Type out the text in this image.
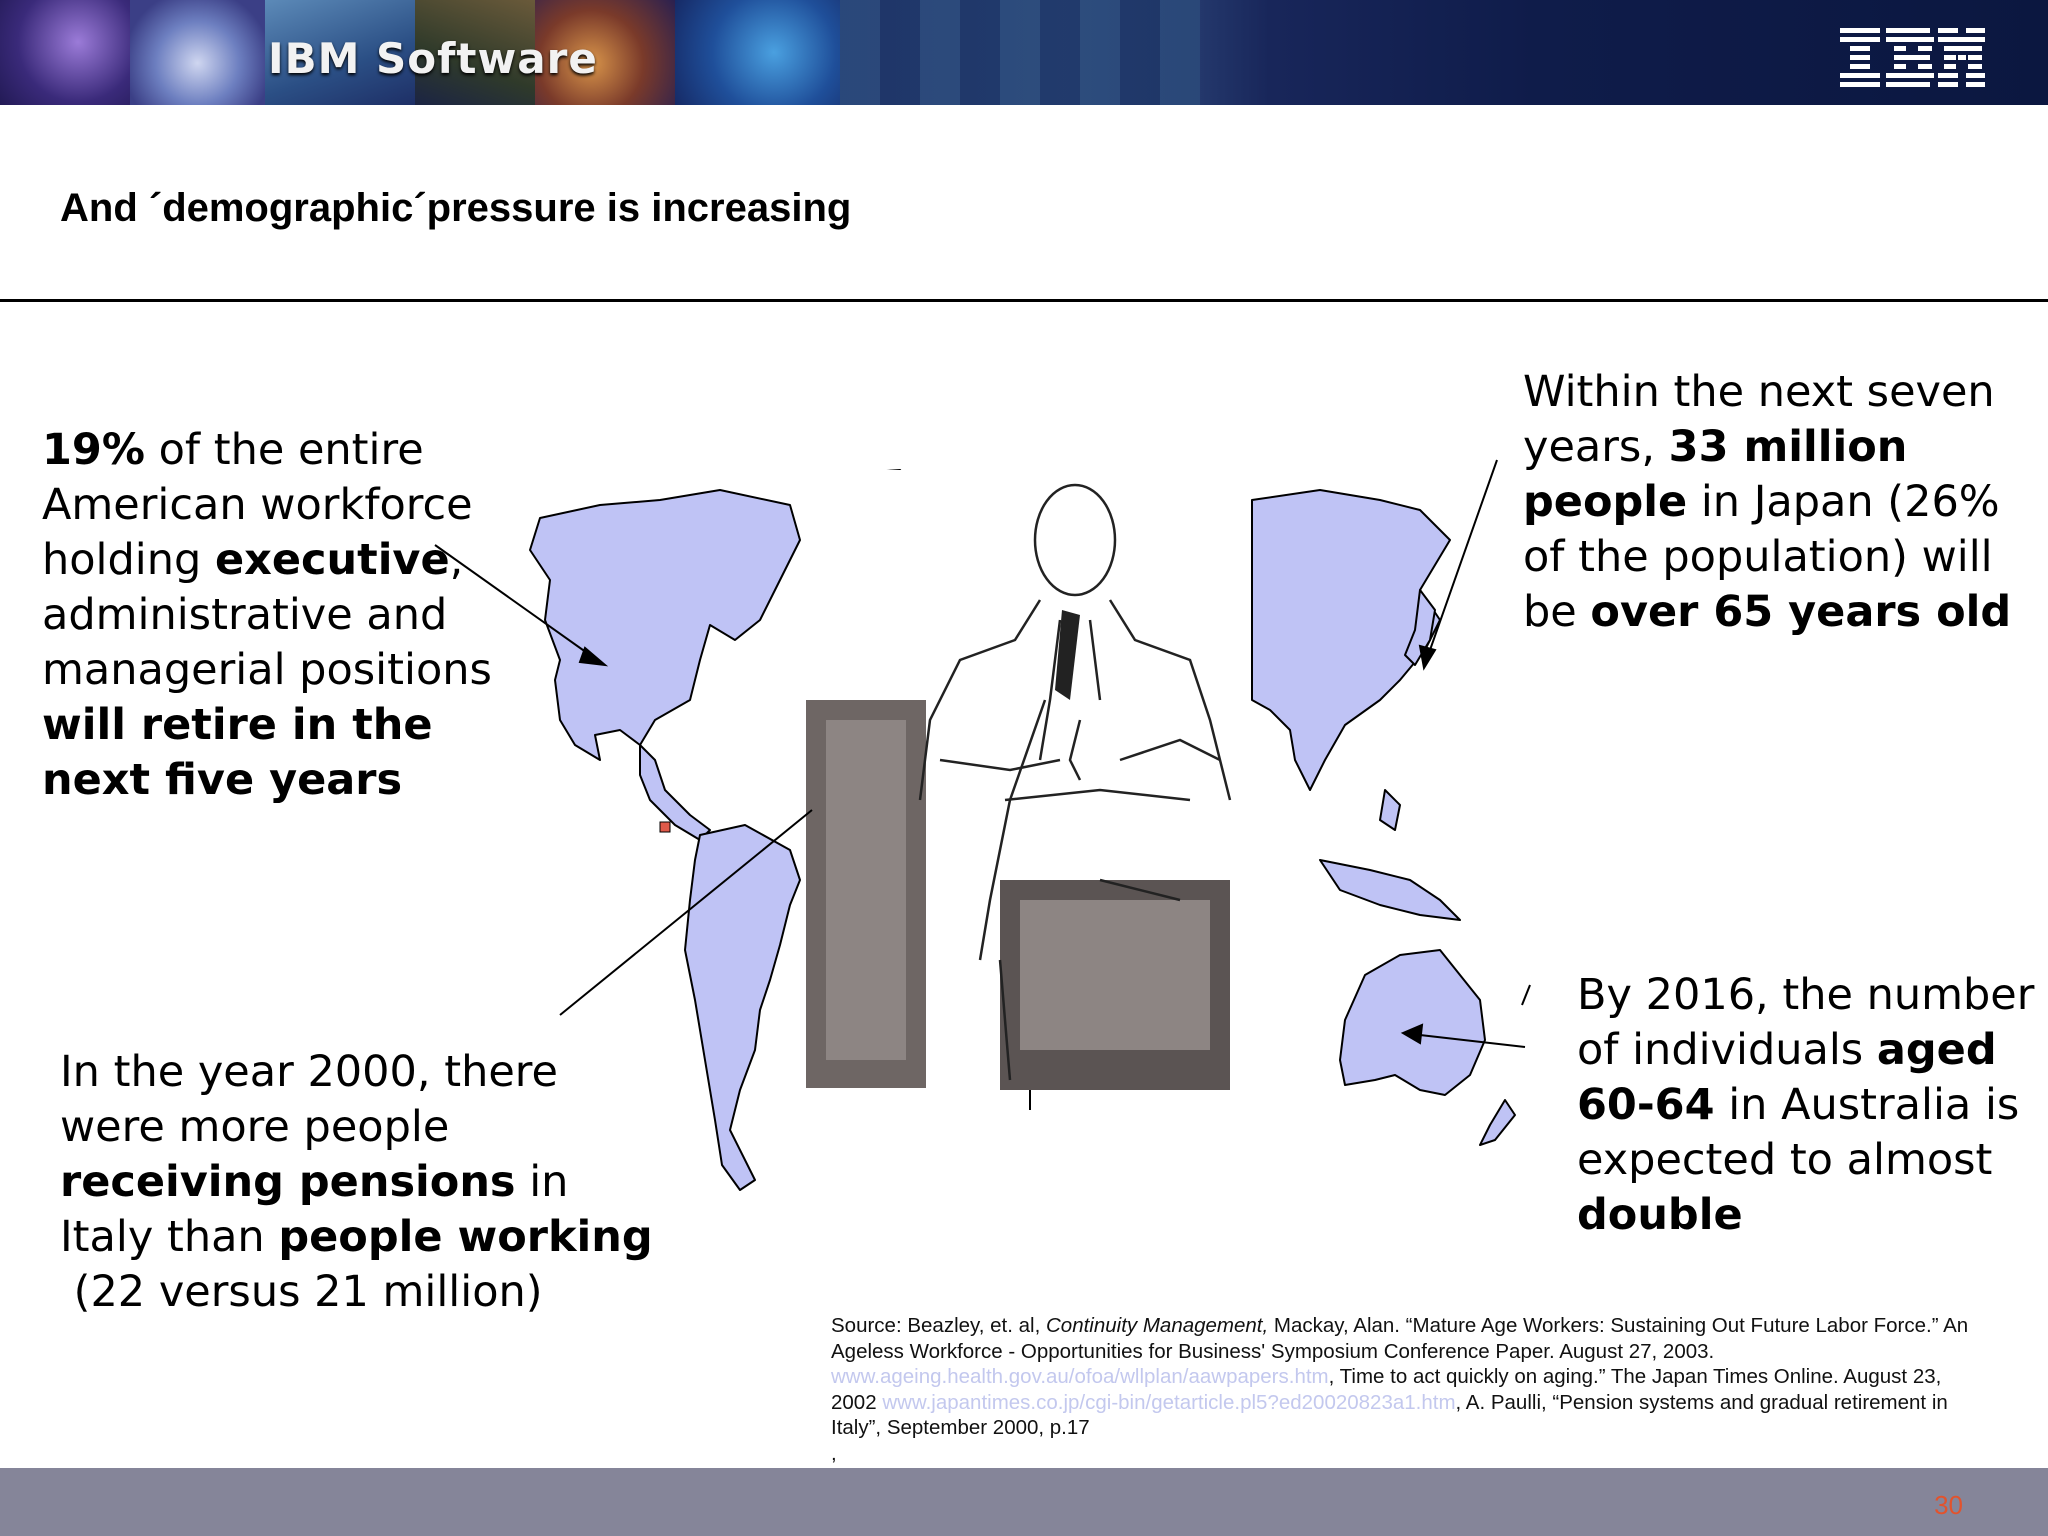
IBM Software
And ´demographic´pressure is increasing
19% of the entire
American workforce
holding executive,
administrative and
managerial positions
will retire in the
next five years
Within the next seven
years, 33 million
people in Japan (26%
of the population) will
be over 65 years old
In the year 2000, there
were more people
receiving pensions in
Italy than people working
(22 versus 21 million)
By 2016, the number
of individuals aged
60-64 in Australia is
expected to almost
double
Source: Beazley, et. al, Continuity Management, Mackay, Alan. “Mature Age Workers: Sustaining Out Future Labor Force.” An Ageless Workforce - Opportunities for Business' Symposium Conference Paper. August 27, 2003. www.ageing.health.gov.au/ofoa/wllplan/aawpapers.htm, Time to act quickly on aging.” The Japan Times Online. August 23, 2002 www.japantimes.co.jp/cgi-bin/getarticle.pl5?ed20020823a1.htm, A. Paulli, “Pension systems and gradual retirement in Italy”, September 2000, p.17
,
30
